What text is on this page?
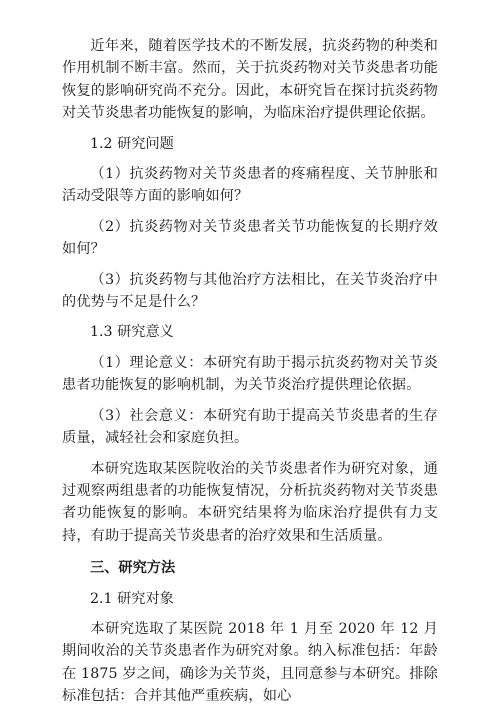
近年来，随着医学技术的不断发展，抗炎药物的种类和作用机制不断丰富。然而，关于抗炎药物对关节炎患者功能恢复的影响研究尚不充分。因此，本研究旨在探讨抗炎药物对关节炎患者功能恢复的影响，为临床治疗提供理论依据。

1.2 研究问题

（1）抗炎药物对关节炎患者的疼痛程度、关节肿胀和活动受限等方面的影响如何？

（2）抗炎药物对关节炎患者关节功能恢复的长期疗效如何？

（3）抗炎药物与其他治疗方法相比，在关节炎治疗中的优势与不足是什么？

1.3 研究意义

（1）理论意义：本研究有助于揭示抗炎药物对关节炎患者功能恢复的影响机制，为关节炎治疗提供理论依据。

（3）社会意义：本研究有助于提高关节炎患者的生存质量，减轻社会和家庭负担。

本研究选取某医院收治的关节炎患者作为研究对象，通过观察两组患者的功能恢复情况，分析抗炎药物对关节炎患者功能恢复的影响。本研究结果将为临床治疗提供有力支持，有助于提高关节炎患者的治疗效果和生活质量。

三、研究方法

2.1 研究对象

本研究选取了某医院 2018 年 1 月至 2020 年 12 月期间收治的关节炎患者作为研究对象。纳入标准包括：年龄在 1875 岁之间，确诊为关节炎，且同意参与本研究。排除标准包括：合并其他严重疾病，如心
